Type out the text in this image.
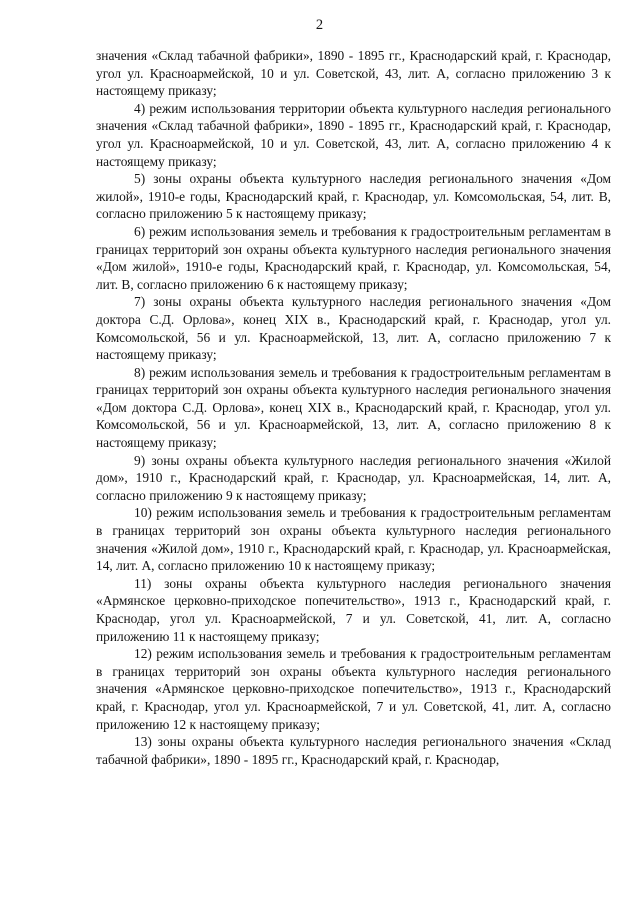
2

значения «Склад табачной фабрики», 1890 - 1895 гг., Краснодарский край, г. Краснодар, угол ул. Красноармейской, 10 и ул. Советской, 43, лит. А, согласно приложению 3 к настоящему приказу;

4) режим использования территории объекта культурного наследия регионального значения «Склад табачной фабрики», 1890 - 1895 гг., Краснодарский край, г. Краснодар, угол ул. Красноармейской, 10 и ул. Советской, 43, лит. А, согласно приложению 4 к настоящему приказу;

5) зоны охраны объекта культурного наследия регионального значения «Дом жилой», 1910-е годы, Краснодарский край, г. Краснодар, ул. Комсомольская, 54, лит. В, согласно приложению 5 к настоящему приказу;

6) режим использования земель и требования к градостроительным регламентам в границах территорий зон охраны объекта культурного наследия регионального значения «Дом жилой», 1910-е годы, Краснодарский край, г. Краснодар, ул. Комсомольская, 54, лит. В, согласно приложению 6 к настоящему приказу;

7) зоны охраны объекта культурного наследия регионального значения «Дом доктора С.Д. Орлова», конец XIX в., Краснодарский край, г. Краснодар, угол ул. Комсомольской, 56 и ул. Красноармейской, 13, лит. А, согласно приложению 7 к настоящему приказу;

8) режим использования земель и требования к градостроительным регламентам в границах территорий зон охраны объекта культурного наследия регионального значения «Дом доктора С.Д. Орлова», конец XIX в., Краснодарский край, г. Краснодар, угол ул. Комсомольской, 56 и ул. Красноармейской, 13, лит. А, согласно приложению 8 к настоящему приказу;

9) зоны охраны объекта культурного наследия регионального значения «Жилой дом», 1910 г., Краснодарский край, г. Краснодар, ул. Красноармейская, 14, лит. А, согласно приложению 9 к настоящему приказу;

10) режим использования земель и требования к градостроительным регламентам в границах территорий зон охраны объекта культурного наследия регионального значения «Жилой дом», 1910 г., Краснодарский край, г. Краснодар, ул. Красноармейская, 14, лит. А, согласно приложению 10 к настоящему приказу;

11) зоны охраны объекта культурного наследия регионального значения «Армянское церковно-приходское попечительство», 1913 г., Краснодарский край, г. Краснодар, угол ул. Красноармейской, 7 и ул. Советской, 41, лит. А, согласно приложению 11 к настоящему приказу;

12) режим использования земель и требования к градостроительным регламентам в границах территорий зон охраны объекта культурного наследия регионального значения «Армянское церковно-приходское попечительство», 1913 г., Краснодарский край, г. Краснодар, угол ул. Красноармейской, 7 и ул. Советской, 41, лит. А, согласно приложению 12 к настоящему приказу;

13) зоны охраны объекта культурного наследия регионального значения «Склад табачной фабрики», 1890 - 1895 гг., Краснодарский край, г. Краснодар,
